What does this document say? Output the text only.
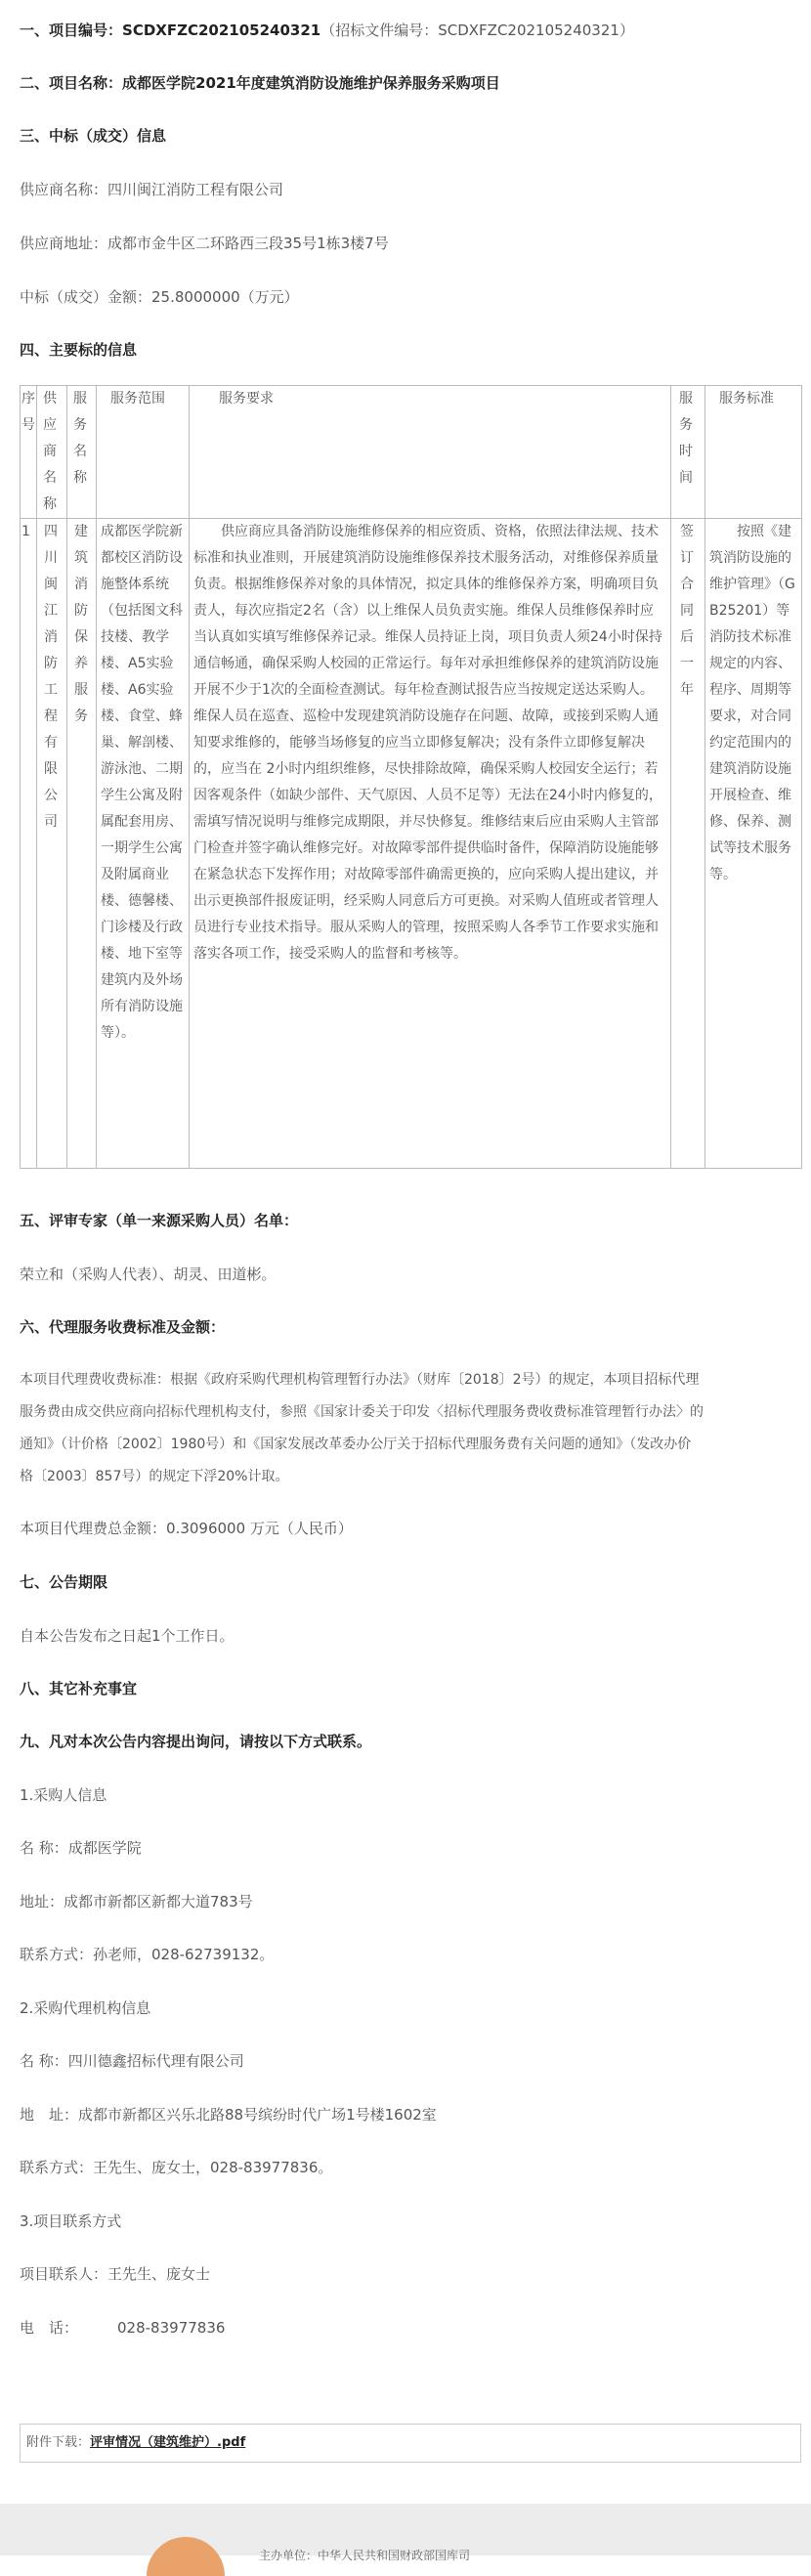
一、项目编号：SCDXFZC202105240321（招标文件编号：SCDXFZC202105240321）
二、项目名称：成都医学院2021年度建筑消防设施维护保养服务采购项目
三、中标（成交）信息
供应商名称：四川闽江消防工程有限公司
供应商地址：成都市金牛区二环路西三段35号1栋3楼7号
中标（成交）金额：25.8000000（万元）
四、主要标的信息
序号	供应商名称	服务名称	服务范围	服务要求	服务时间	服务标准
1	四川闽江消防工程有限公司	建筑消防保养服务	成都医学院新都校区消防设施整体系统（包括图文科技楼、教学楼、A5实验楼、A6实验楼、食堂、蜂巢、解剖楼、游泳池、二期学生公寓及附属配套用房、一期学生公寓及附属商业楼、德馨楼、门诊楼及行政楼、地下室等建筑内及外场所有消防设施等）。	供应商应具备消防设施维修保养的相应资质、资格，依照法律法规、技术标准和执业准则，开展建筑消防设施维修保养技术服务活动，对维修保养质量负责。根据维修保养对象的具体情况，拟定具体的维修保养方案，明确项目负责人，每次应指定2名（含）以上维保人员负责实施。维保人员维修保养时应当认真如实填写维修保养记录。维保人员持证上岗，项目负责人须24小时保持通信畅通，确保采购人校园的正常运行。每年对承担维修保养的建筑消防设施开展不少于1次的全面检查测试。每年检查测试报告应当按规定送达采购人。维保人员在巡查、巡检中发现建筑消防设施存在问题、故障，或接到采购人通知要求维修的，能够当场修复的应当立即修复解决；没有条件立即修复解决的，应当在 2小时内组织维修，尽快排除故障，确保采购人校园安全运行；若因客观条件（如缺少部件、天气原因、人员不足等）无法在24小时内修复的，需填写情况说明与维修完成期限，并尽快修复。维修结束后应由采购人主管部门检查并签字确认维修完好。对故障零部件提供临时备件，保障消防设施能够在紧急状态下发挥作用；对故障零部件确需更换的，应向采购人提出建议，并出示更换部件报废证明，经采购人同意后方可更换。对采购人值班或者管理人员进行专业技术指导。服从采购人的管理，按照采购人各季节工作要求实施和落实各项工作，接受采购人的监督和考核等。	签订合同后一年	按照《建筑消防设施的维护管理》（GB25201）等消防技术标准规定的内容、程序、周期等要求，对合同约定范围内的建筑消防设施开展检查、维修、保养、测试等技术服务等。
五、评审专家（单一来源采购人员）名单：
荣立和（采购人代表）、胡灵、田道彬。
六、代理服务收费标准及金额：
本项目代理费收费标准：根据《政府采购代理机构管理暂行办法》（财库〔2018〕2号）的规定，本项目招标代理
服务费由成交供应商向招标代理机构支付，参照《国家计委关于印发〈招标代理服务费收费标准管理暂行办法〉的
通知》（计价格〔2002〕1980号）和《国家发展改革委办公厅关于招标代理服务费有关问题的通知》（发改办价
格〔2003〕857号）的规定下浮20%计取。
本项目代理费总金额：0.3096000 万元（人民币）
七、公告期限
自本公告发布之日起1个工作日。
八、其它补充事宜
九、凡对本次公告内容提出询问，请按以下方式联系。
1.采购人信息
名 称：成都医学院
地址：成都市新都区新都大道783号
联系方式：孙老师，028-62739132。
2.采购代理机构信息
名 称：四川德鑫招标代理有限公司
地　址：成都市新都区兴乐北路88号缤纷时代广场1号楼1602室
联系方式：王先生、庞女士，028-83977836。
3.项目联系方式
项目联系人：王先生、庞女士
电　话：	028-83977836
附件下载：评审情况（建筑维护）.pdf
主办单位：中华人民共和国财政部国库司
